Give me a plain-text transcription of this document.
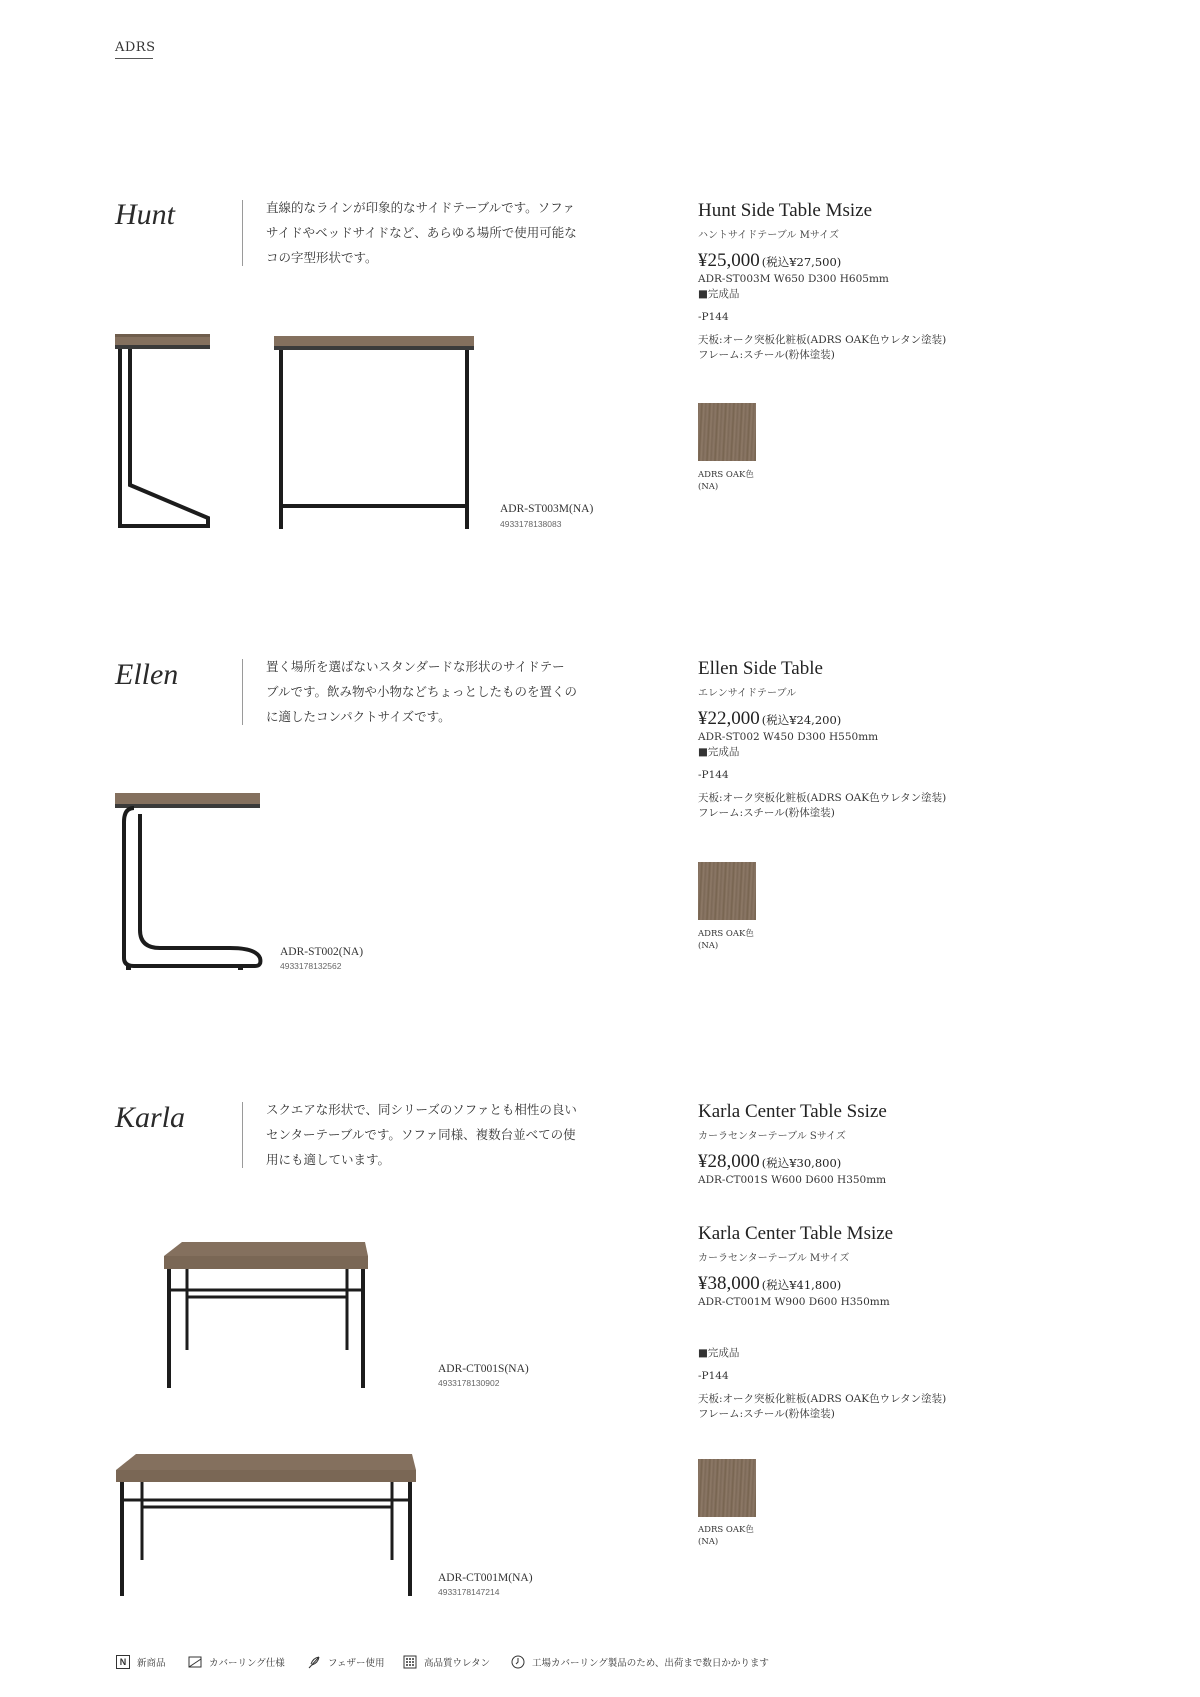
ADRS
Hunt	直線的なラインが印象的なサイドテーブルです。ソファ
サイドやベッドサイドなど、あらゆる場所で使用可能な
コの字型形状です。
ADR-ST003M(NA)
4933178138083
Hunt Side Table Msize
ハントサイドテーブル Mサイズ
¥25,000 (税込¥27,500)
ADR-ST003M W650 D300 H605mm
■完成品
-P144
天板:オーク突板化粧板(ADRS OAK色ウレタン塗装)
フレーム:スチール(粉体塗装)
ADRS OAK色
(NA)
Ellen	置く場所を選ばないスタンダードな形状のサイドテー
ブルです。飲み物や小物などちょっとしたものを置くの
に適したコンパクトサイズです。
ADR-ST002(NA)
4933178132562
Ellen Side Table
エレンサイドテーブル
¥22,000 (税込¥24,200)
ADR-ST002 W450 D300 H550mm
■完成品
-P144
天板:オーク突板化粧板(ADRS OAK色ウレタン塗装)
フレーム:スチール(粉体塗装)
ADRS OAK色
(NA)
Karla	スクエアな形状で、同シリーズのソファとも相性の良い
センターテーブルです。ソファ同様、複数台並べての使
用にも適しています。
ADR-CT001S(NA)
4933178130902
ADR-CT001M(NA)
4933178147214
Karla Center Table Ssize
カーラセンターテーブル Sサイズ
¥28,000 (税込¥30,800)
ADR-CT001S W600 D600 H350mm
Karla Center Table Msize
カーラセンターテーブル Mサイズ
¥38,000 (税込¥41,800)
ADR-CT001M W900 D600 H350mm
■完成品
-P144
天板:オーク突板化粧板(ADRS OAK色ウレタン塗装)
フレーム:スチール(粉体塗装)
ADRS OAK色
(NA)
N	新商品	カバーリング仕様	フェザー使用	高品質ウレタン	工場カバーリング製品のため、出荷まで数日かかります
